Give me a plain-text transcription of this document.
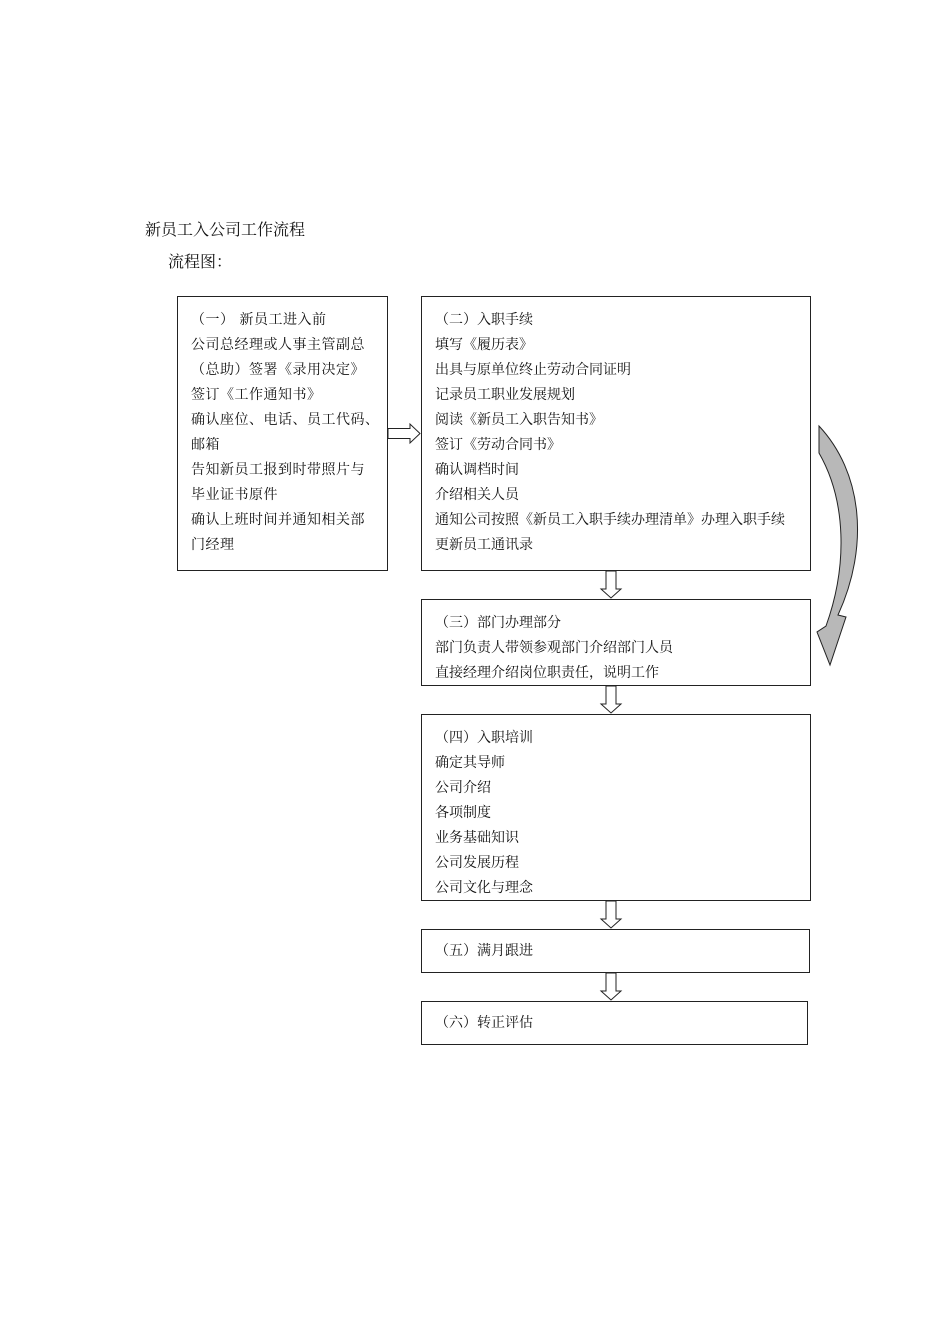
新员工入公司工作流程
流程图：
（一） 新员工进入前
公司总经理或人事主管副总
（总助）签署《录用决定》
签订《工作通知书》
确认座位、电话、员工代码、
邮箱
告知新员工报到时带照片与
毕业证书原件
确认上班时间并通知相关部
门经理
（二）入职手续
填写《履历表》
出具与原单位终止劳动合同证明
记录员工职业发展规划
阅读《新员工入职告知书》
签订《劳动合同书》
确认调档时间
介绍相关人员
通知公司按照《新员工入职手续办理清单》办理入职手续
更新员工通讯录
（三）部门办理部分
部门负责人带领参观部门介绍部门人员
直接经理介绍岗位职责任，说明工作
（四）入职培训
确定其导师
公司介绍
各项制度
业务基础知识
公司发展历程
公司文化与理念
（五）满月跟进
（六）转正评估
